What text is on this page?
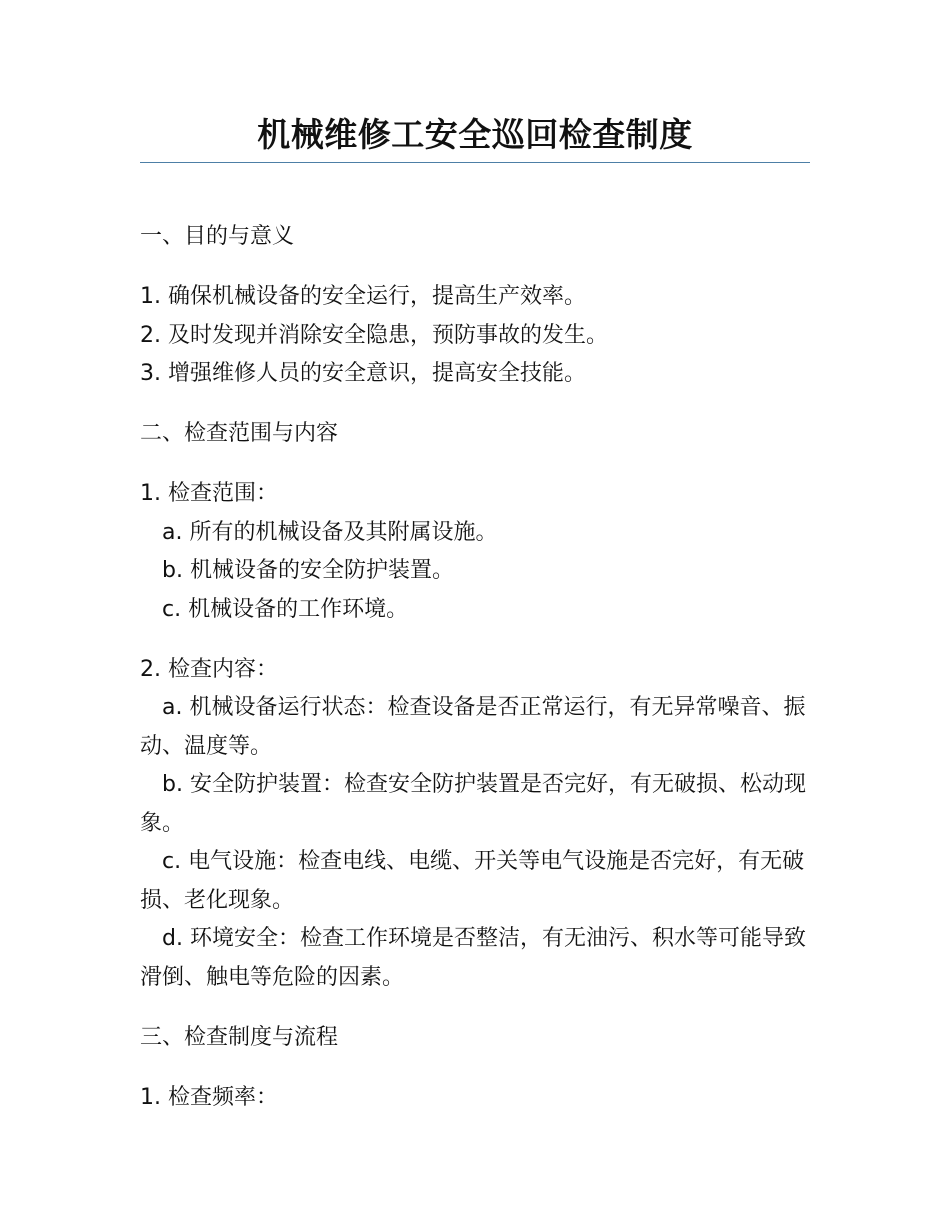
机械维修工安全巡回检查制度
一、目的与意义
1. 确保机械设备的安全运行，提高生产效率。
2. 及时发现并消除安全隐患，预防事故的发生。
3. 增强维修人员的安全意识，提高安全技能。
二、检查范围与内容
1. 检查范围：
a. 所有的机械设备及其附属设施。
b. 机械设备的安全防护装置。
c. 机械设备的工作环境。
2. 检查内容：
a. 机械设备运行状态：检查设备是否正常运行，有无异常噪音、振动、温度等。
b. 安全防护装置：检查安全防护装置是否完好，有无破损、松动现象。
c. 电气设施：检查电线、电缆、开关等电气设施是否完好，有无破损、老化现象。
d. 环境安全：检查工作环境是否整洁，有无油污、积水等可能导致滑倒、触电等危险的因素。
三、检查制度与流程
1. 检查频率：
